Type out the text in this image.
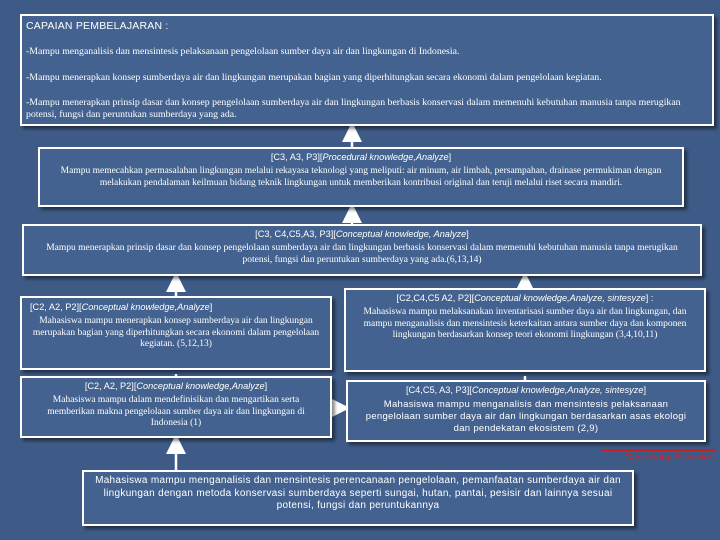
CAPAIAN PEMBELAJARAN :
-Mampu menganalisis dan mensintesis pelaksanaan pengelolaan sumber daya air dan lingkungan di Indonesia.
-Mampu menerapkan konsep sumberdaya air dan lingkungan merupakan bagian yang diperhitungkan secara ekonomi dalam pengelolaan kegiatan.
-Mampu menerapkan prinsip dasar dan konsep pengelolaan sumberdaya air dan lingkungan berbasis konservasi dalam memenuhi kebutuhan manusia tanpa merugikan potensi, fungsi dan peruntukan sumberdaya yang ada.
[C3, A3, P3][Procedural knowledge,Analyze]
Mampu memecahkan permasalahan lingkungan melalui rekayasa teknologi yang meliputi: air minum, air limbah, persampahan, drainase permukiman dengan melakukan pendalaman keilmuan bidang teknik lingkungan untuk memberikan kontribusi original dan teruji melalui riset secara mandiri.
[C3, C4,C5,A3, P3][Conceptual knowledge, Analyze]
Mampu menerapkan prinsip dasar dan konsep pengelolaan sumberdaya air dan lingkungan berbasis konservasi dalam memenuhi kebutuhan manusia tanpa merugikan potensi, fungsi dan peruntukan sumberdaya yang ada.(6,13,14)
[C2, A2, P2][Conceptual knowledge,Analyze]
Mahasiswa mampu menerapkan konsep sumberdaya air dan lingkungan merupakan bagian yang diperhitungkan secara ekonomi dalam pengelolaan kegiatan. (5,12,13)
[C2, A2, P2][Conceptual knowledge,Analyze]
Mahasiswa mampu dalam mendefinisikan dan mengartikan serta memberikan makna pengelolaan sumber daya air dan lingkungan di Indonesia (1)
[C2,C4,C5 A2, P2][Conceptual knowledge,Analyze, sintesyze] :
Mahasiswa mampu melaksanakan inventarisasi sumber daya air dan lingkungan, dan mampu menganalisis dan mensintesis keterkaitan antara sumber daya dan komponen lingkungan berdasarkan konsep teori ekonomi lingkungan (3,4,10,11)
[C4,C5, A3, P3][Conceptual knowledge,Analyze, sintesyze]
Mahasiswa mampu menganalisis dan mensintesis pelaksanaan pengelolaan sumber daya air dan lingkungan berdasarkan asas ekologi dan pendekatan ekosistem (2,9)
Garis Entry Behavior
Mahasiswa mampu menganalisis dan mensintesis perencanaan pengelolaan, pemanfaatan sumberdaya air dan lingkungan dengan metoda konservasi sumberdaya seperti sungai, hutan, pantai, pesisir dan lainnya sesuai potensi, fungsi dan peruntukannya
